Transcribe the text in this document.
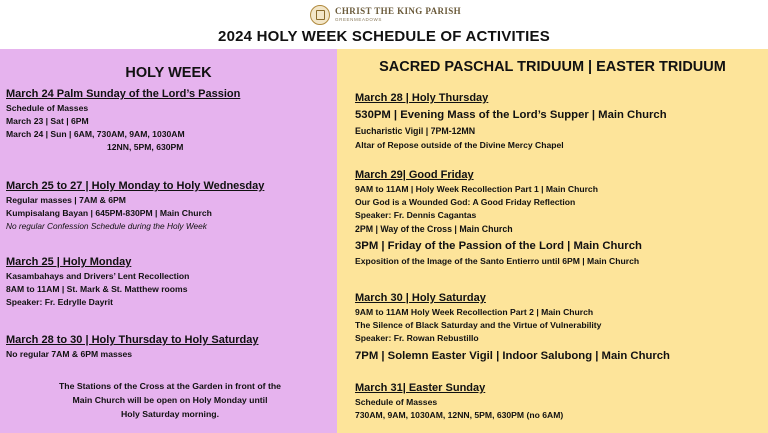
CHRIST THE KING PARISH
GREENMEADOWS
2024 HOLY WEEK SCHEDULE OF ACTIVITIES
HOLY WEEK
March 24 Palm Sunday of the Lord’s Passion
Schedule of Masses
March 23 | Sat | 6PM
March 24 | Sun | 6AM, 730AM, 9AM, 1030AM
12NN, 5PM, 630PM
March 25 to 27 | Holy Monday to Holy Wednesday
Regular masses | 7AM & 6PM
Kumpisalang Bayan | 645PM-830PM | Main Church
No regular Confession Schedule during the Holy Week
March 25 | Holy Monday
Kasambahays and Drivers’ Lent Recollection
8AM to 11AM | St. Mark & St. Matthew rooms
Speaker: Fr. Edrylle Dayrit
March 28 to 30 | Holy Thursday to Holy Saturday
No regular 7AM & 6PM masses
The Stations of the Cross at the Garden in front of the
Main Church will be open on Holy Monday until
Holy Saturday morning.
SACRED PASCHAL TRIDUUM | EASTER TRIDUUM
March 28 | Holy Thursday
530PM | Evening Mass of the Lord’s Supper | Main Church
Eucharistic Vigil | 7PM-12MN
Altar of Repose outside of the Divine Mercy Chapel
March 29| Good Friday
9AM to 11AM | Holy Week Recollection Part 1 | Main Church
Our God is a Wounded God: A Good Friday Reflection
Speaker: Fr. Dennis Cagantas
2PM | Way of the Cross | Main Church
3PM | Friday of the Passion of the Lord | Main Church
Exposition of the Image of the Santo Entierro until 6PM | Main Church
March 30 | Holy Saturday
9AM to 11AM Holy Week Recollection Part 2 | Main Church
The Silence of Black Saturday and the Virtue of Vulnerability
Speaker: Fr. Rowan Rebustillo
7PM | Solemn Easter Vigil | Indoor Salubong | Main Church
March 31| Easter Sunday
Schedule of Masses
730AM, 9AM, 1030AM, 12NN, 5PM, 630PM (no 6AM)
